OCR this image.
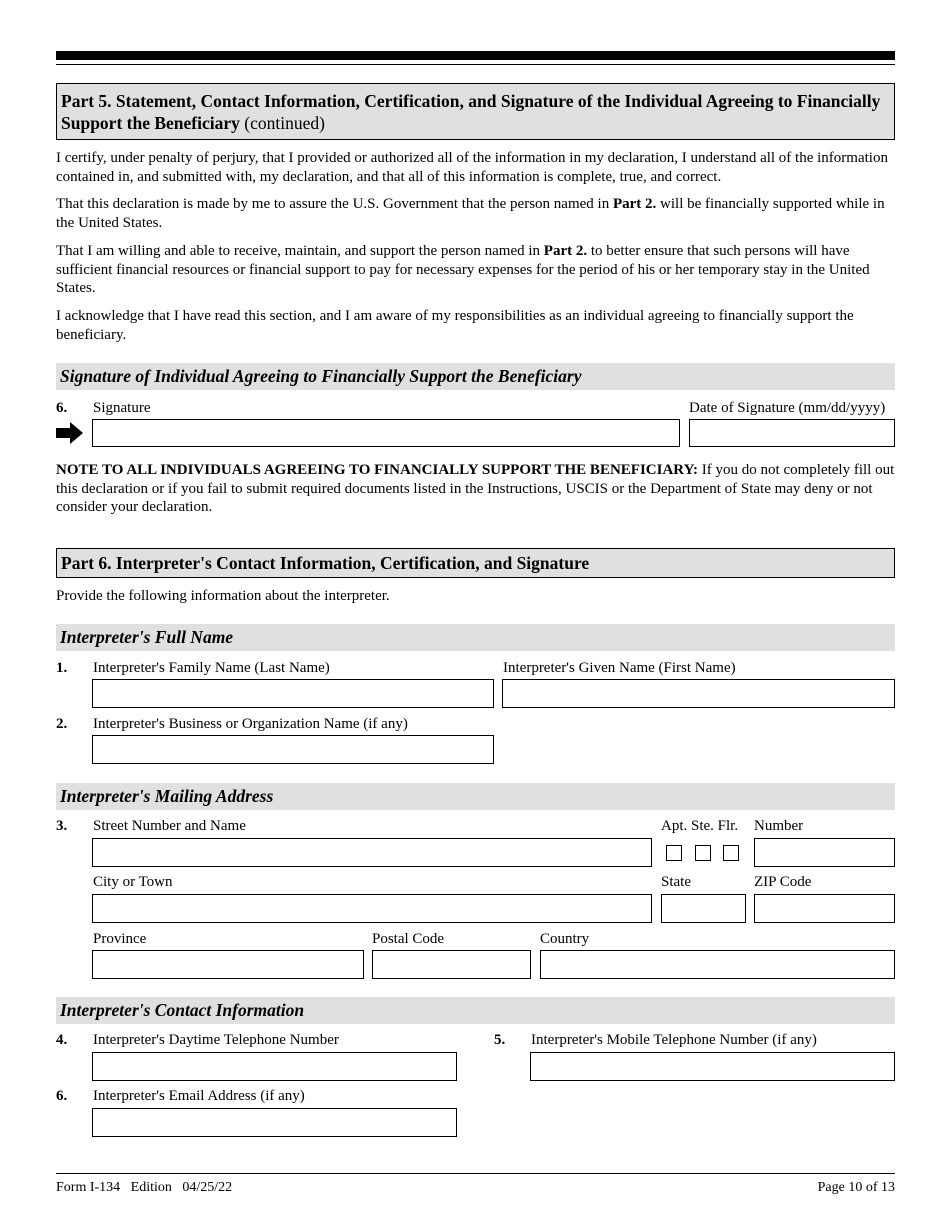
Part 5. Statement, Contact Information, Certification, and Signature of the Individual Agreeing to Financially Support the Beneficiary (continued)
I certify, under penalty of perjury, that I provided or authorized all of the information in my declaration, I understand all of the information contained in, and submitted with, my declaration, and that all of this information is complete, true, and correct.
That this declaration is made by me to assure the U.S. Government that the person named in Part 2. will be financially supported while in the United States.
That I am willing and able to receive, maintain, and support the person named in Part 2. to better ensure that such persons will have sufficient financial resources or financial support to pay for necessary expenses for the period of his or her temporary stay in the United States.
I acknowledge that I have read this section, and I am aware of my responsibilities as an individual agreeing to financially support the beneficiary.
Signature of Individual Agreeing to Financially Support the Beneficiary
6. Signature	Date of Signature (mm/dd/yyyy)
NOTE TO ALL INDIVIDUALS AGREEING TO FINANCIALLY SUPPORT THE BENEFICIARY: If you do not completely fill out this declaration or if you fail to submit required documents listed in the Instructions, USCIS or the Department of State may deny or not consider your declaration.
Part 6. Interpreter's Contact Information, Certification, and Signature
Provide the following information about the interpreter.
Interpreter's Full Name
1. Interpreter's Family Name (Last Name)	Interpreter's Given Name (First Name)
2. Interpreter's Business or Organization Name (if any)
Interpreter's Mailing Address
3. Street Number and Name	Apt. Ste. Flr. Number
City or Town	State	ZIP Code
Province	Postal Code	Country
Interpreter's Contact Information
4. Interpreter's Daytime Telephone Number	5. Interpreter's Mobile Telephone Number (if any)
6. Interpreter's Email Address (if any)
Form I-134   Edition   04/25/22	Page 10 of 13
